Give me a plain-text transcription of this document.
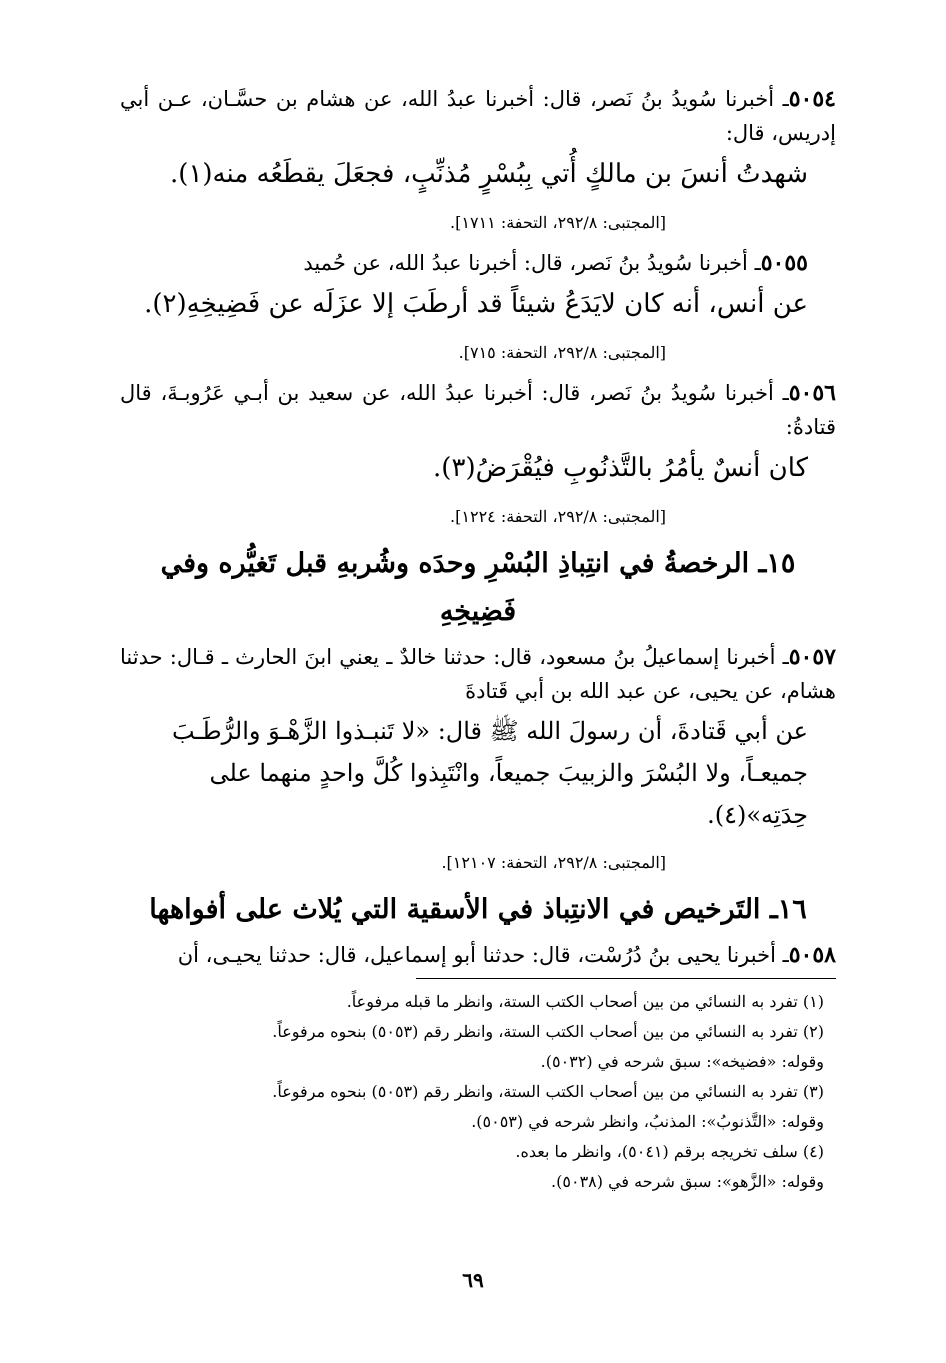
٥٠٥٤ـ أخبرنا سُويدُ بنُ نَصر، قال: أخبرنا عبدُ الله، عن هشام بن حسَّـان، عـن أبي إدريس، قال:

شهدتُ أنسَ بن مالكٍ أُتي بِبُسْرٍ مُذنِّبٍ، فجعَلَ يقطَعُه منه(١).

[المجتبى: ٢٩٢/٨، التحفة: ١٧١١].

٥٠٥٥ـ أخبرنا سُويدُ بنُ نَصر، قال: أخبرنا عبدُ الله، عن حُميد

عن أنس، أنه كان لايَدَعُ شيئاً قد أرطَبَ إلا عزَلَه عن فَضِيخِهِ(٢).

[المجتبى: ٢٩٢/٨، التحفة: ٧١٥].

٥٠٥٦ـ أخبرنا سُويدُ بنُ نَصر، قال: أخبرنا عبدُ الله، عن سعيد بن أبـي عَرُوبـةَ، قال قتادةُ:

كان أنسٌ يأمُرُ بالتَّذنُوبِ فيُقْرَضُ(٣).

[المجتبى: ٢٩٢/٨، التحفة: ١٢٢٤].

١٥ـ الرخصةُ في انتِباذِ البُسْرِ وحدَه وشُربهِ قبل تَغيُّره وفي فَضِيخِهِ

٥٠٥٧ـ أخبرنا إسماعيلُ بنُ مسعود، قال: حدثنا خالدٌ ـ يعني ابنَ الحارث ـ قـال: حدثنا هشام، عن يحيى، عن عبد الله بن أبي قَتادةَ

عن أبي قَتادةَ، أن رسولَ الله ﷺ قال: «لا تَنبـذوا الزَّهْـوَ والرُّطَـبَ جميعـاً، ولا البُسْرَ والزبيبَ جميعاً، وانْتَبِذوا كُلَّ واحدٍ منهما على حِدَتِه»(٤).

[المجتبى: ٢٩٢/٨، التحفة: ١٢١٠٧].

١٦ـ التَرخيص في الانتِباذ في الأسقية التي يُلاث على أفواهها

٥٠٥٨ـ أخبرنا يحيى بنُ دُرُسْت، قال: حدثنا أبو إسماعيل، قال: حدثنا يحيـى، أن

(١) تفرد به النسائي من بين أصحاب الكتب الستة، وانظر ما قبله مرفوعاً.

(٢) تفرد به النسائي من بين أصحاب الكتب الستة، وانظر رقم (٥٠٥٣) بنحوه مرفوعاً.

وقوله: «فضيخه»: سبق شرحه في (٥٠٣٢).

(٣) تفرد به النسائي من بين أصحاب الكتب الستة، وانظر رقم (٥٠٥٣) بنحوه مرفوعاً.

وقوله: «التَّذنوبُ»: المذنبُ، وانظر شرحه في (٥٠٥٣).

(٤) سلف تخريجه برقم (٥٠٤١)، وانظر ما بعده.

وقوله: «الزَّهو»: سبق شرحه في (٥٠٣٨).

٦٩
